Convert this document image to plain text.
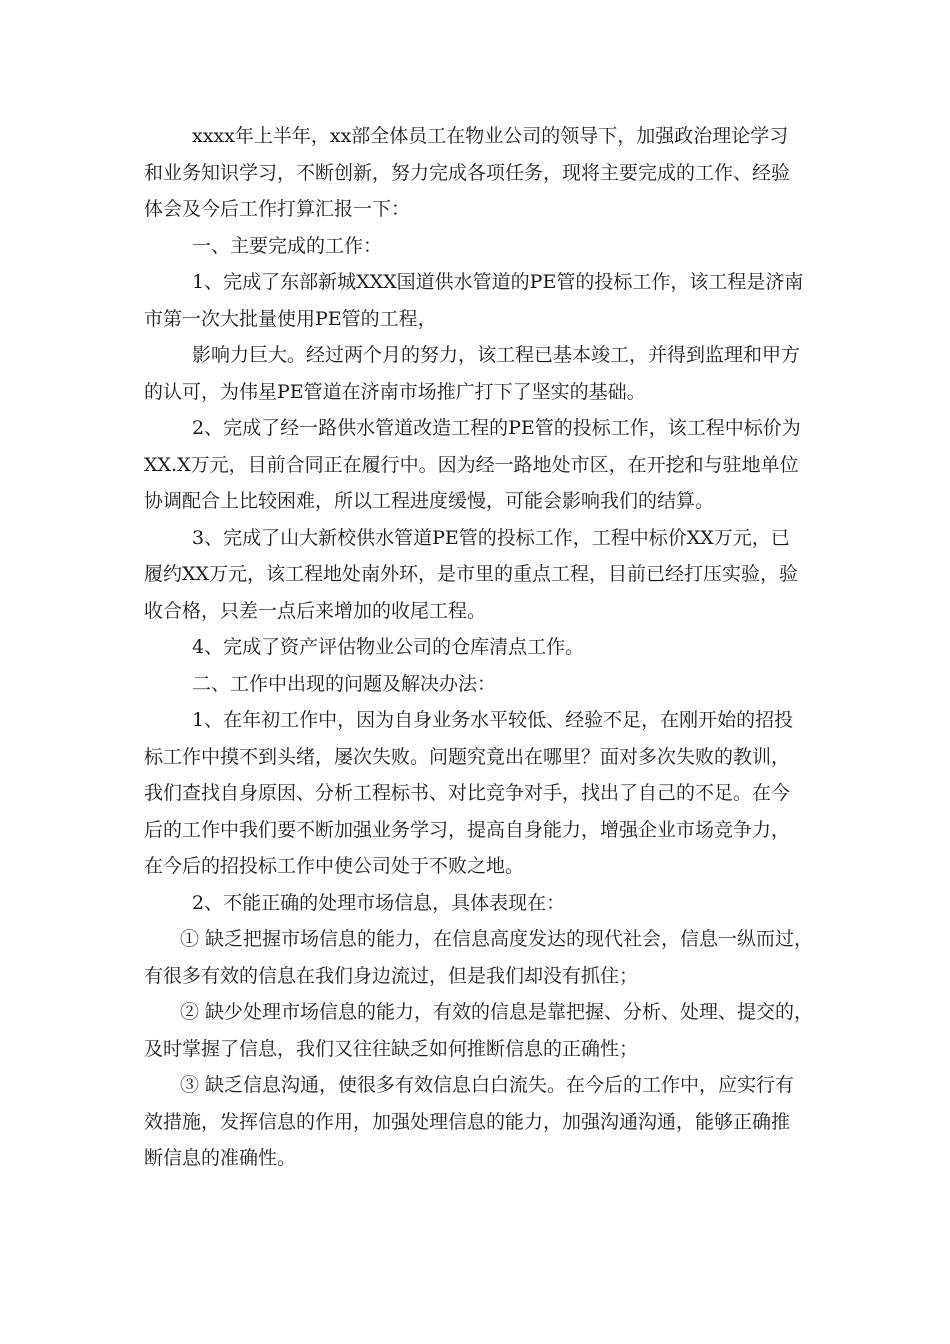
xxxx年上半年，xx部全体员工在物业公司的领导下，加强政治理论学习
和业务知识学习，不断创新，努力完成各项任务，现将主要完成的工作、经验
体会及今后工作打算汇报一下：

一、主要完成的工作：

1、完成了东部新城XXX国道供水管道的PE管的投标工作，该工程是济南
市第一次大批量使用PE管的工程，

影响力巨大。经过两个月的努力，该工程已基本竣工，并得到监理和甲方
的认可，为伟星PE管道在济南市场推广打下了坚实的基础。

2、完成了经一路供水管道改造工程的PE管的投标工作，该工程中标价为
XX.X万元，目前合同正在履行中。因为经一路地处市区，在开挖和与驻地单位
协调配合上比较困难，所以工程进度缓慢，可能会影响我们的结算。

3、完成了山大新校供水管道PE管的投标工作，工程中标价XX万元，已
履约XX万元，该工程地处南外环，是市里的重点工程，目前已经打压实验，验
收合格，只差一点后来增加的收尾工程。

4、完成了资产评估物业公司的仓库清点工作。

二、工作中出现的问题及解决办法：

1、在年初工作中，因为自身业务水平较低、经验不足，在刚开始的招投
标工作中摸不到头绪，屡次失败。问题究竟出在哪里？面对多次失败的教训，
我们查找自身原因、分析工程标书、对比竞争对手，找出了自己的不足。在今
后的工作中我们要不断加强业务学习，提高自身能力，增强企业市场竞争力，
在今后的招投标工作中使公司处于不败之地。

2、不能正确的处理市场信息，具体表现在：

① 缺乏把握市场信息的能力，在信息高度发达的现代社会，信息一纵而过，
有很多有效的信息在我们身边流过，但是我们却没有抓住；

② 缺少处理市场信息的能力，有效的信息是靠把握、分析、处理、提交的，
及时掌握了信息，我们又往往缺乏如何推断信息的正确性；

③ 缺乏信息沟通，使很多有效信息白白流失。在今后的工作中，应实行有
效措施，发挥信息的作用，加强处理信息的能力，加强沟通沟通，能够正确推
断信息的准确性。
